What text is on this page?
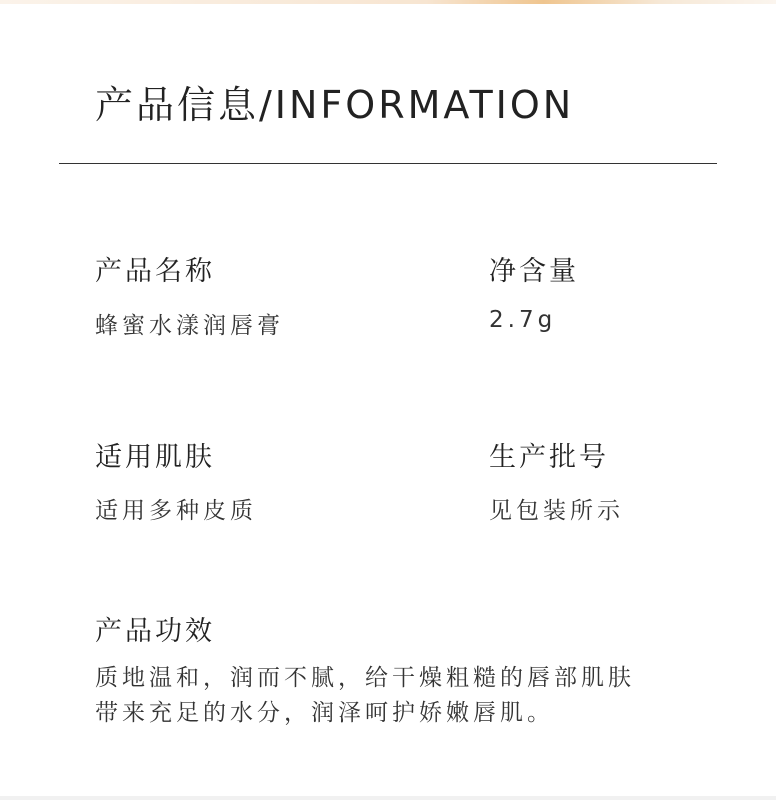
产品信息/INFORMATION
产品名称

蜂蜜水漾润唇膏

净含量

2.7g

适用肌肤

适用多种皮质

生产批号

见包装所示

产品功效

质地温和，润而不腻，给干燥粗糙的唇部肌肤
带来充足的水分，润泽呵护娇嫩唇肌。
